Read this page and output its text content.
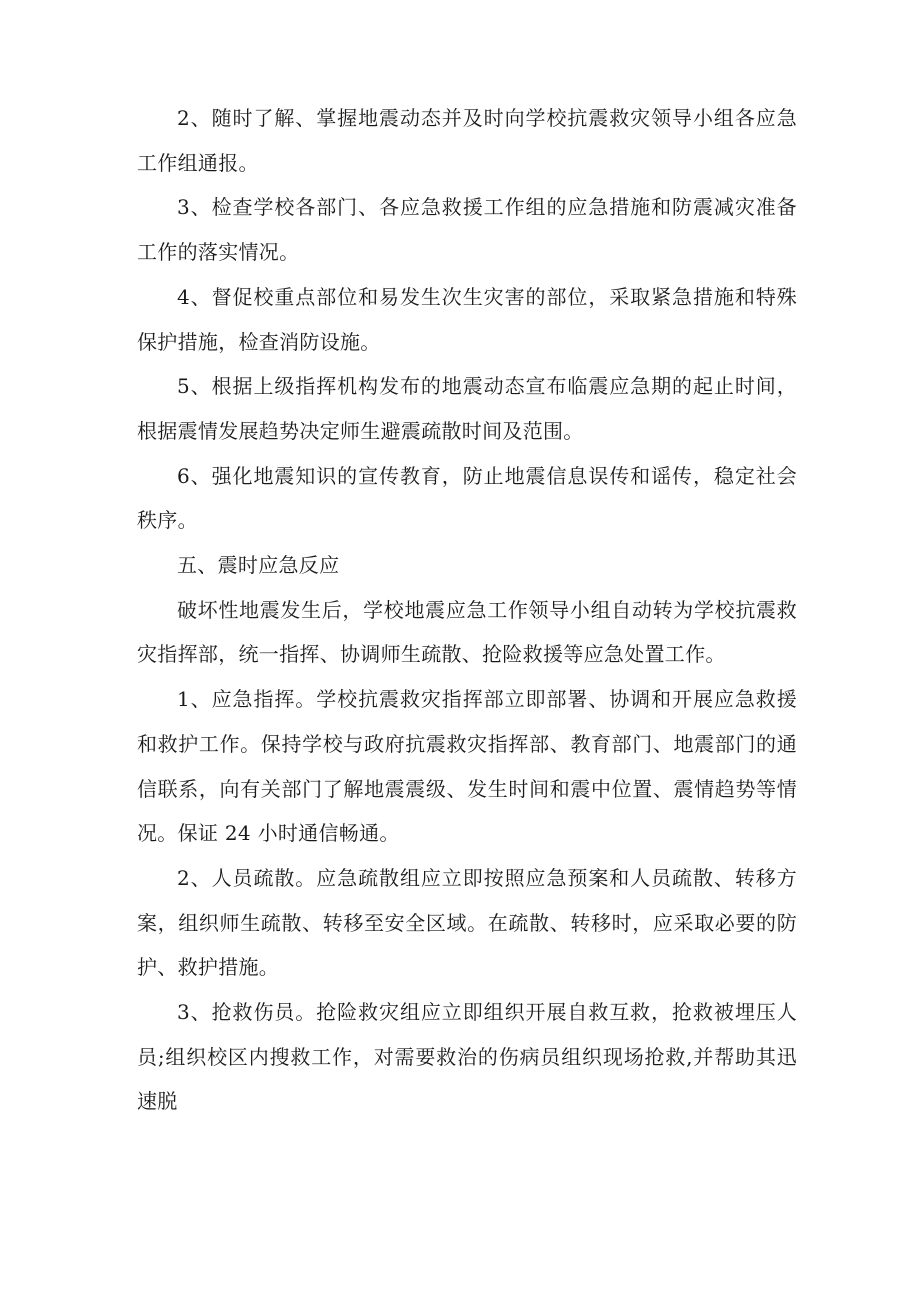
2、随时了解、掌握地震动态并及时向学校抗震救灾领导小组各应急工作组通报。

3、检查学校各部门、各应急救援工作组的应急措施和防震减灾准备工作的落实情况。

4、督促校重点部位和易发生次生灾害的部位，采取紧急措施和特殊保护措施，检查消防设施。

5、根据上级指挥机构发布的地震动态宣布临震应急期的起止时间，根据震情发展趋势决定师生避震疏散时间及范围。

6、强化地震知识的宣传教育，防止地震信息误传和谣传，稳定社会秩序。

五、震时应急反应

破坏性地震发生后，学校地震应急工作领导小组自动转为学校抗震救灾指挥部，统一指挥、协调师生疏散、抢险救援等应急处置工作。

1、应急指挥。学校抗震救灾指挥部立即部署、协调和开展应急救援和救护工作。保持学校与政府抗震救灾指挥部、教育部门、地震部门的通信联系，向有关部门了解地震震级、发生时间和震中位置、震情趋势等情况。保证 24 小时通信畅通。

2、人员疏散。应急疏散组应立即按照应急预案和人员疏散、转移方案，组织师生疏散、转移至安全区域。在疏散、转移时，应采取必要的防护、救护措施。

3、抢救伤员。抢险救灾组应立即组织开展自救互救，抢救被埋压人员;组织校区内搜救工作，对需要救治的伤病员组织现场抢救,并帮助其迅速脱
